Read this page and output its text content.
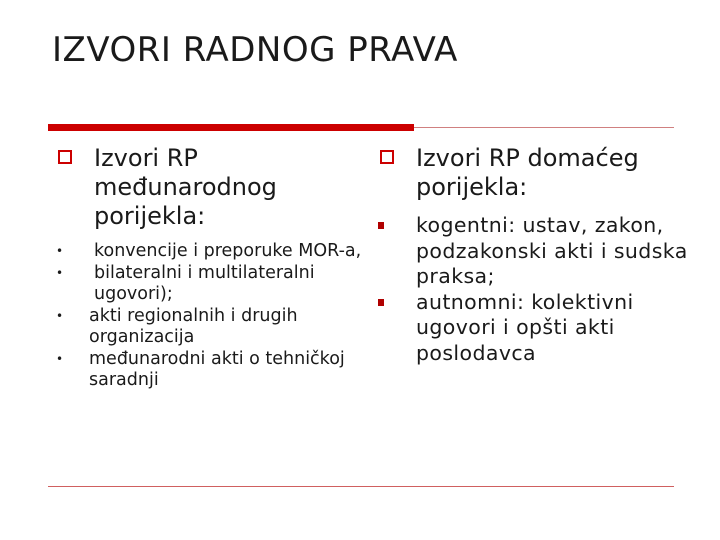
IZVORI RADNOG PRAVA

Izvori RP međunarodnog porijekla:

•	konvencije i preporuke MOR-a,
•	bilateralni i multilateralni ugovori);
•	akti regionalnih i drugih organizacija
•	međunarodni akti o tehničkoj saradnji

Izvori RP domaćeg porijekla:

kogentni: ustav, zakon, podzakonski akti i sudska praksa;
autnomni: kolektivni ugovori i opšti akti poslodavca
